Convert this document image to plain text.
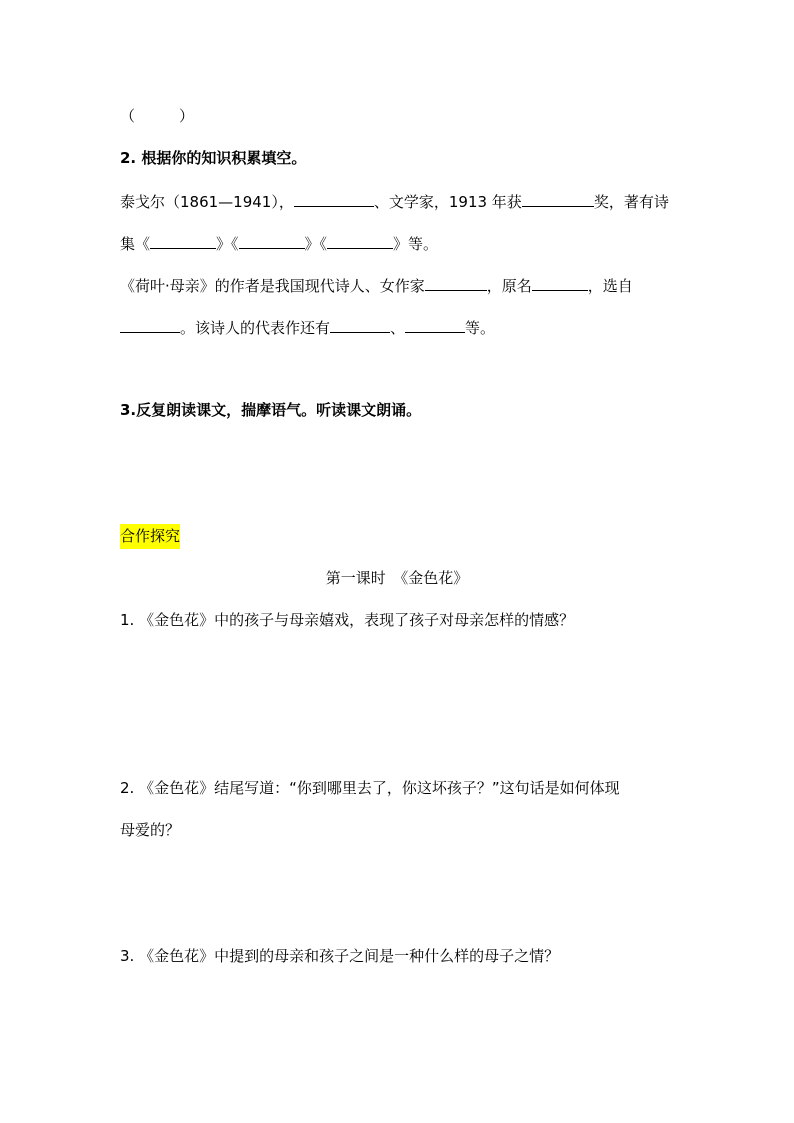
（	）
2. 根据你的知识积累填空。
泰戈尔（1861—1941），	、文学家，1913 年获	奖，著有诗
集《	》《	》《	》等。
《荷叶·母亲》的作者是我国现代诗人、女作家	，原名	，选自
。该诗人的代表作还有	、	等。
3.反复朗读课文，揣摩语气。听读课文朗诵。
合作探究
第一课时　《金色花》
1. 《金色花》中的孩子与母亲嬉戏，表现了孩子对母亲怎样的情感？
2. 《金色花》结尾写道：“你到哪里去了，你这坏孩子？”这句话是如何体现
母爱的？
3. 《金色花》中提到的母亲和孩子之间是一种什么样的母子之情？
